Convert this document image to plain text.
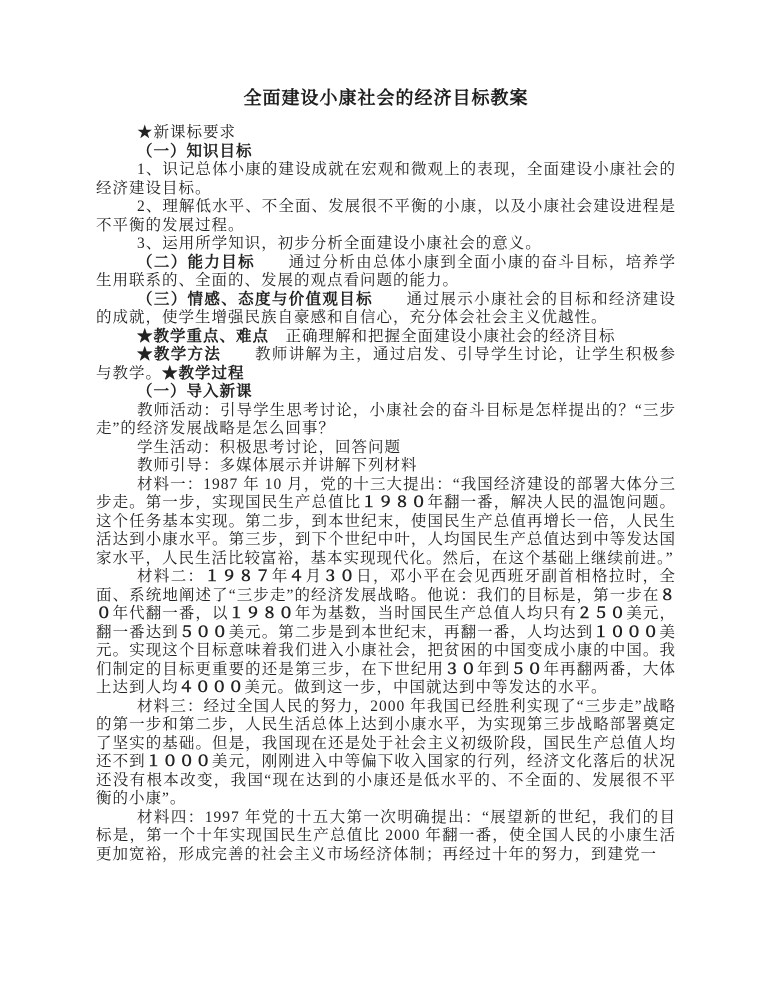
全面建设小康社会的经济目标教案

★新课标要求

（一）知识目标

1、识记总体小康的建设成就在宏观和微观上的表现，全面建设小康社会的经济建设目标。

2、理解低水平、不全面、发展很不平衡的小康，以及小康社会建设进程是不平衡的发展过程。

3、运用所学知识，初步分析全面建设小康社会的意义。

（二）能力目标　　通过分析由总体小康到全面小康的奋斗目标，培养学生用联系的、全面的、发展的观点看问题的能力。

（三）情感、态度与价值观目标　　通过展示小康社会的目标和经济建设的成就，使学生增强民族自豪感和自信心，充分体会社会主义优越性。

★教学重点、难点　正确理解和把握全面建设小康社会的经济目标

★教学方法　　教师讲解为主，通过启发、引导学生讨论，让学生积极参与教学。★教学过程

（一）导入新课

教师活动：引导学生思考讨论，小康社会的奋斗目标是怎样提出的？“三步走”的经济发展战略是怎么回事？

学生活动：积极思考讨论，回答问题

教师引导：多媒体展示并讲解下列材料

材料一：1987 年 10 月，党的十三大提出：“我国经济建设的部署大体分三步走。第一步，实现国民生产总值比１９８０年翻一番，解决人民的温饱问题。这个任务基本实现。第二步，到本世纪末，使国民生产总值再增长一倍，人民生活达到小康水平。第三步，到下个世纪中叶，人均国民生产总值达到中等发达国家水平，人民生活比较富裕，基本实现现代化。然后，在这个基础上继续前进。”

材料二：１９８７年４月３０日，邓小平在会见西班牙副首相格拉时，全面、系统地阐述了“三步走”的经济发展战略。他说：我们的目标是，第一步在８０年代翻一番，以１９８０年为基数，当时国民生产总值人均只有２５０美元，翻一番达到５００美元。第二步是到本世纪末，再翻一番，人均达到１０００美元。实现这个目标意味着我们进入小康社会，把贫困的中国变成小康的中国。我们制定的目标更重要的还是第三步，在下世纪用３０年到５０年再翻两番，大体上达到人均４０００美元。做到这一步，中国就达到中等发达的水平。

材料三：经过全国人民的努力，2000 年我国已经胜利实现了“三步走”战略的第一步和第二步，人民生活总体上达到小康水平，为实现第三步战略部署奠定了坚实的基础。但是，我国现在还是处于社会主义初级阶段，国民生产总值人均还不到１０００美元，刚刚进入中等偏下收入国家的行列，经济文化落后的状况还没有根本改变，我国“现在达到的小康还是低水平的、不全面的、发展很不平衡的小康”。

材料四：1997 年党的十五大第一次明确提出：“展望新的世纪，我们的目标是，第一个十年实现国民生产总值比 2000 年翻一番，使全国人民的小康生活更加宽裕，形成完善的社会主义市场经济体制；再经过十年的努力，到建党一
